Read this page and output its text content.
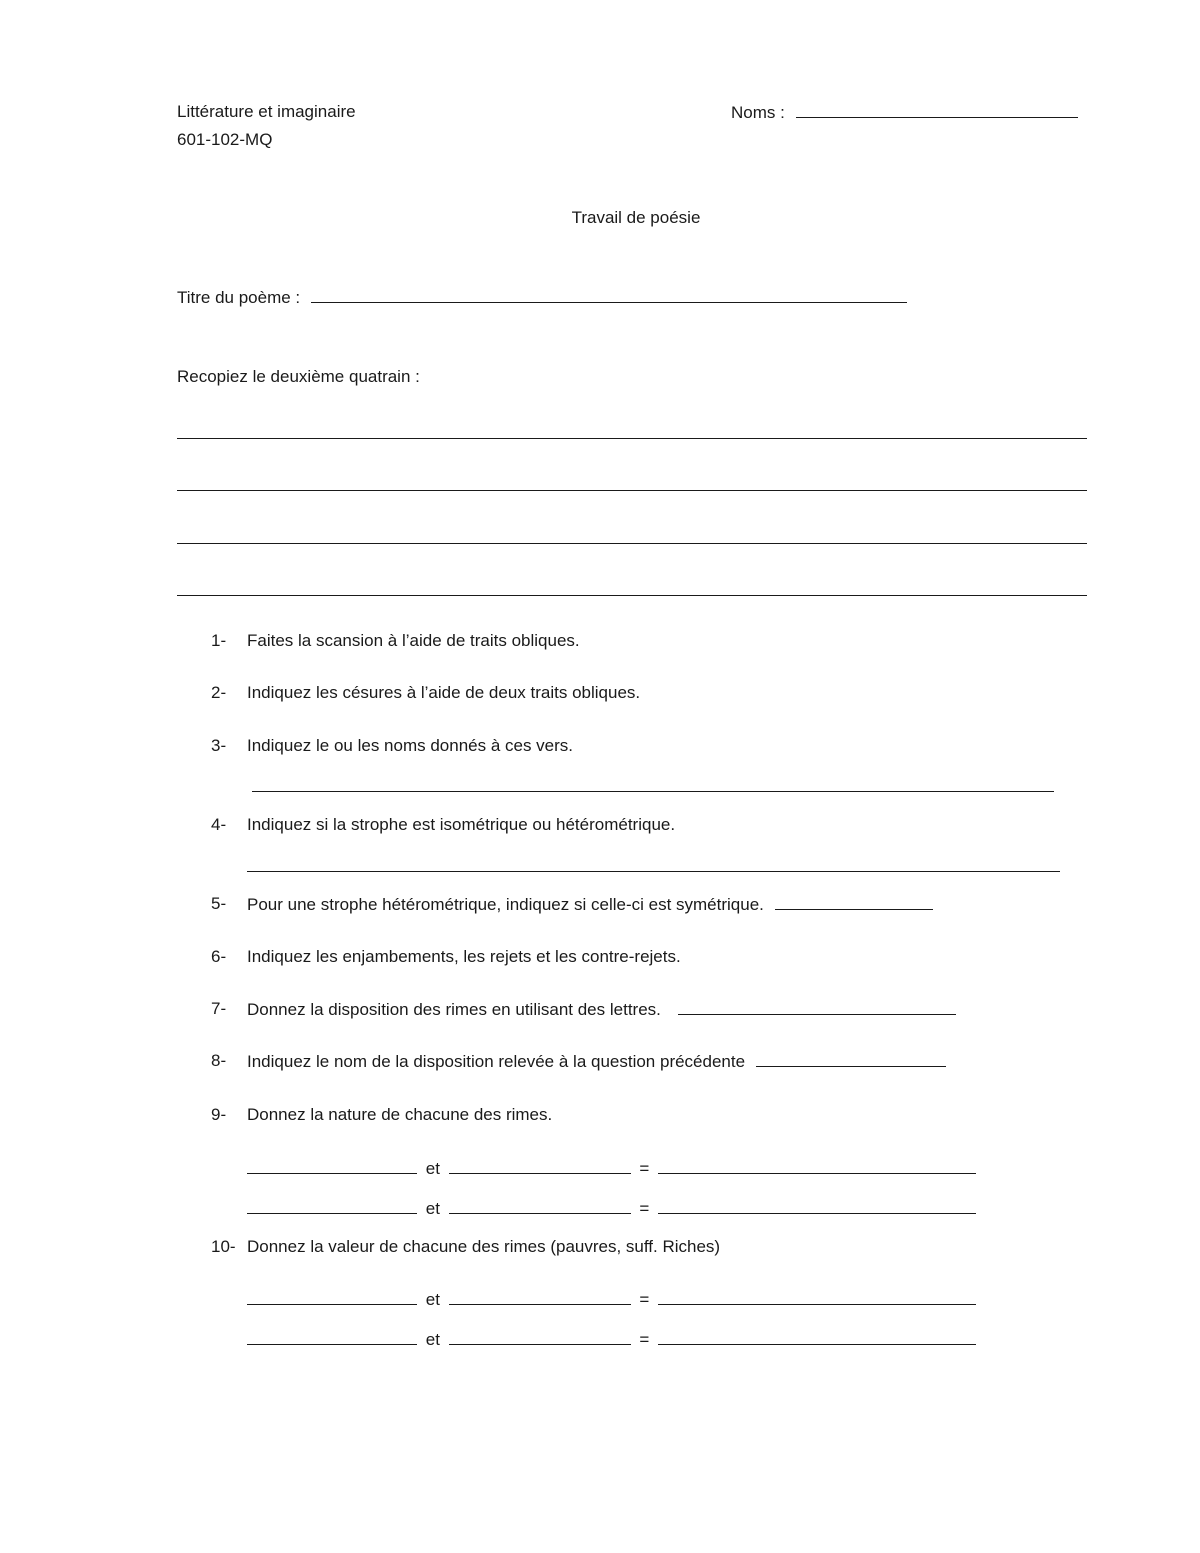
Littérature et imaginaire
601-102-MQ
Noms :
Travail de poésie
Titre du poème :
Recopiez le deuxième quatrain :
1- Faites la scansion à l’aide de traits obliques.
2- Indiquez les césures à l’aide de deux traits obliques.
3- Indiquez le ou les noms donnés à ces vers.
4- Indiquez si la strophe est isométrique ou hétérométrique.
5- Pour une strophe hétérométrique, indiquez si celle-ci est symétrique.
6- Indiquez les enjambements, les rejets et les contre-rejets.
7- Donnez la disposition des rimes en utilisant des lettres.
8- Indiquez le nom de la disposition relevée à la question précédente
9- Donnez la nature de chacune des rimes.
et	=
et	=
10- Donnez la valeur de chacune des rimes (pauvres, suff. Riches)
et	=
et	=
